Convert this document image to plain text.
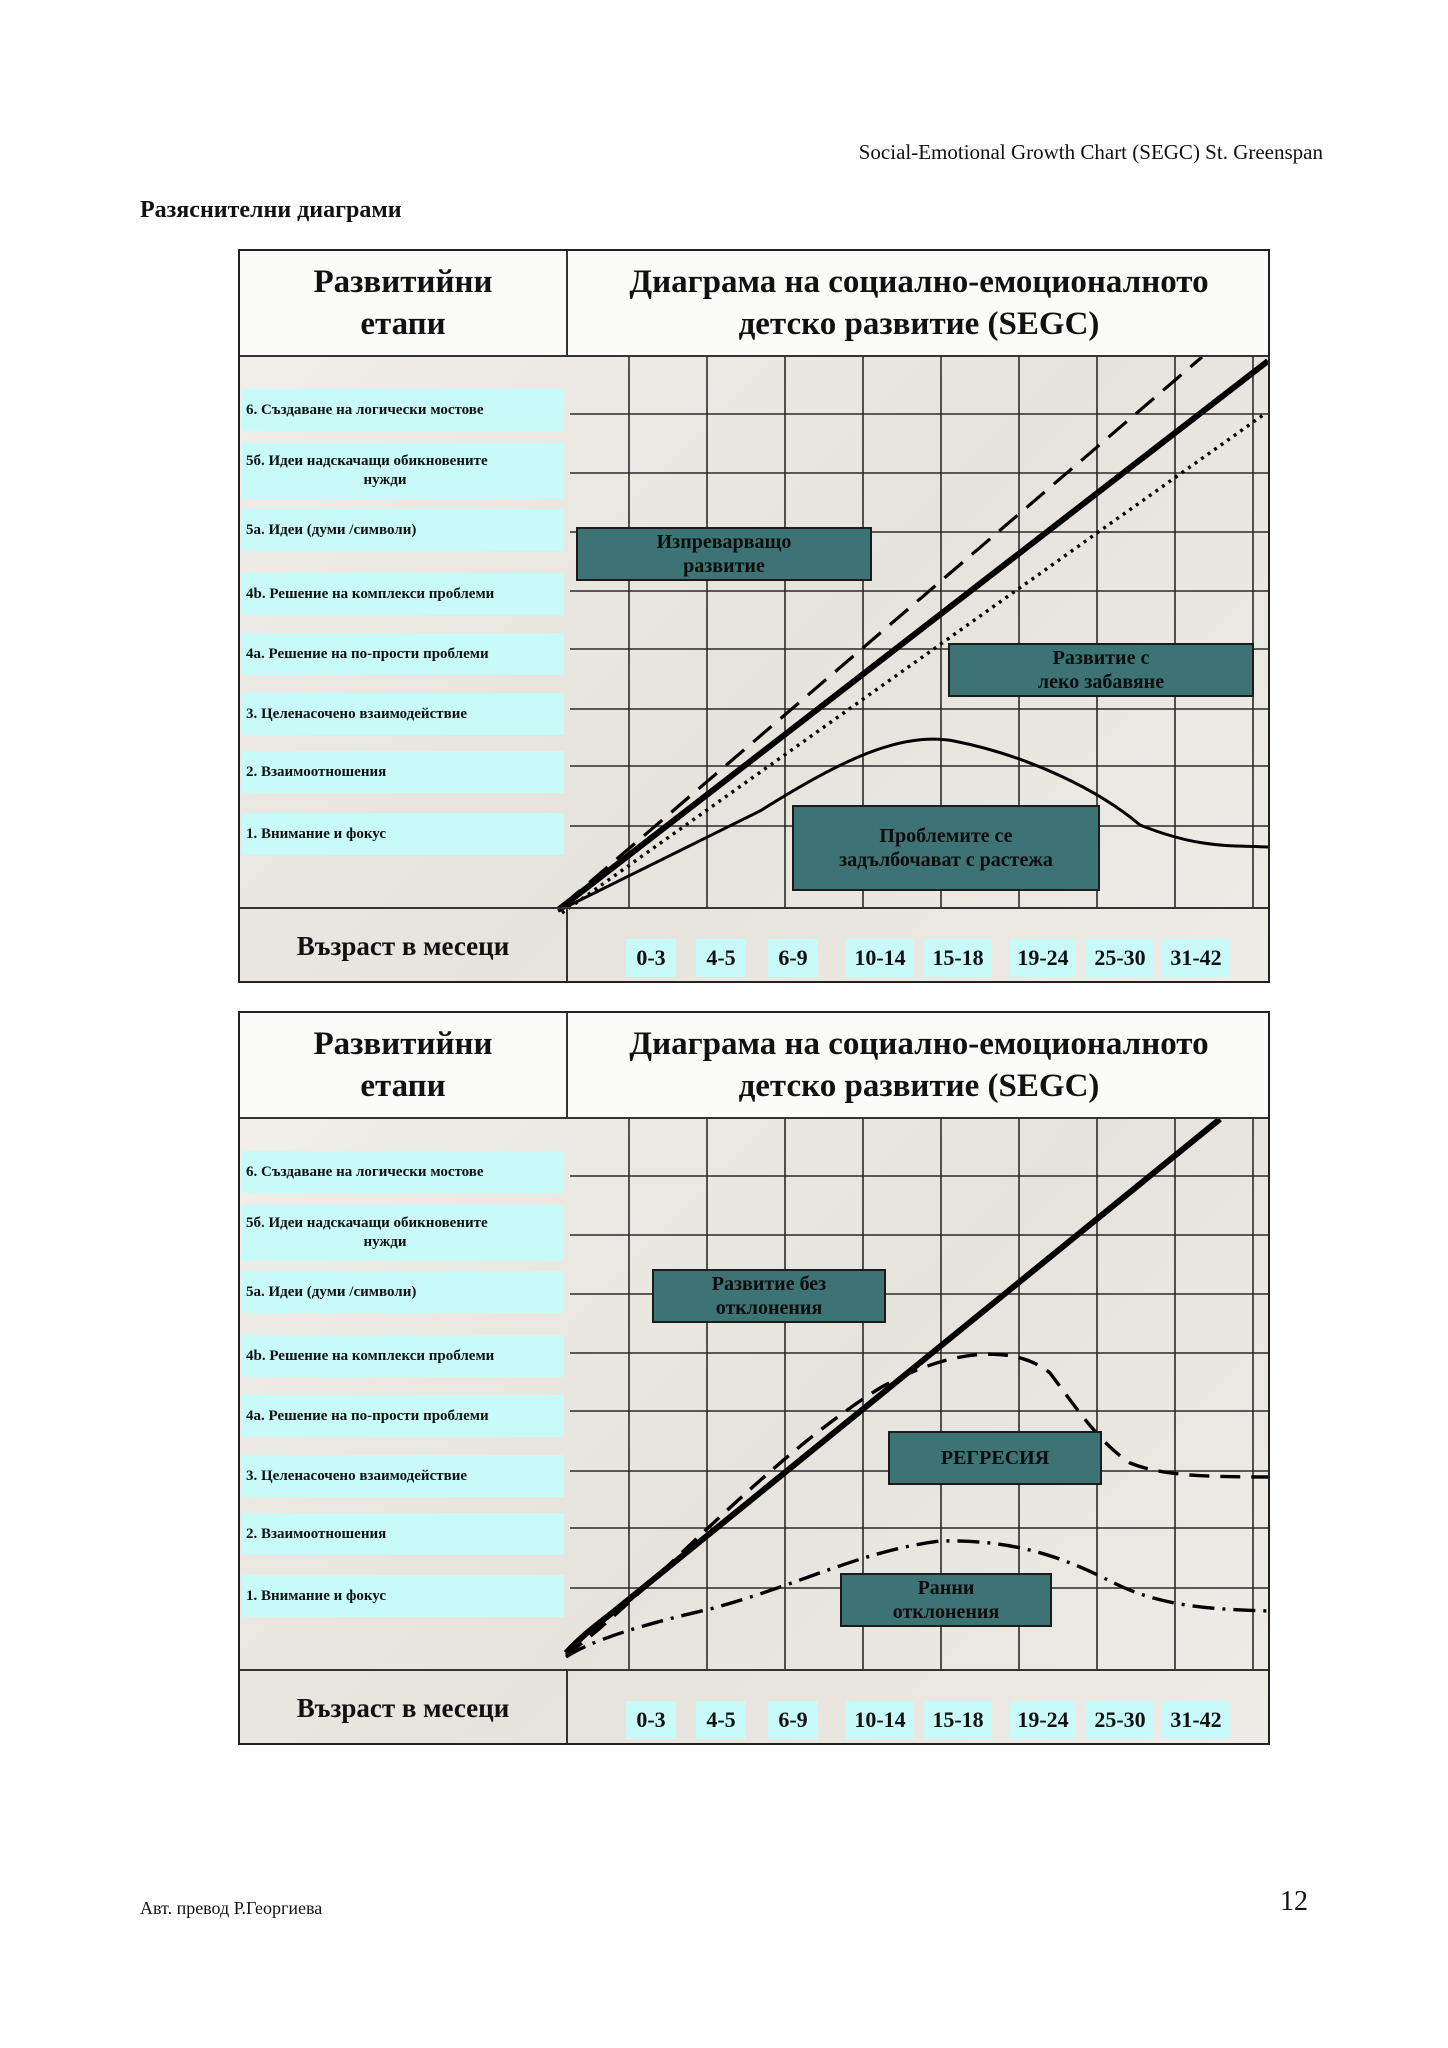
Social-Emotional Growth Chart (SEGC) St. Greenspan
Разяснителни диаграми
Развитийни
етапи
Диаграма на социално-емоционалното
детско развитие (SEGC)
6. Създаване на логически мостове
5б. Идеи надскачащи обикновените
нужди
5а. Идеи (думи /символи)
4b. Решение на комплекси проблеми
4а. Решение на по-прости проблеми
3. Целенасочено взаимодействие
2. Взаимоотношения
1. Внимание и фокус
Изпреварващо
развитие
Развитие с
леко забавяне
Проблемите се
задълбочават с растежа
Възраст в месеци	0-3	4-5	6-9	10-14	15-18	19-24	25-30	31-42
Развитийни
етапи
Диаграма на социално-емоционалното
детско развитие (SEGC)
6. Създаване на логически мостове
5б. Идеи надскачащи обикновените
нужди
5а. Идеи (думи /символи)
4b. Решение на комплекси проблеми
4а. Решение на по-прости проблеми
3. Целенасочено взаимодействие
2. Взаимоотношения
1. Внимание и фокус
Развитие без
отклонения
РЕГРЕСИЯ
Ранни
отклонения
Възраст в месеци	0-3	4-5	6-9	10-14	15-18	19-24	25-30	31-42
Авт. превод Р.Георгиева	12
